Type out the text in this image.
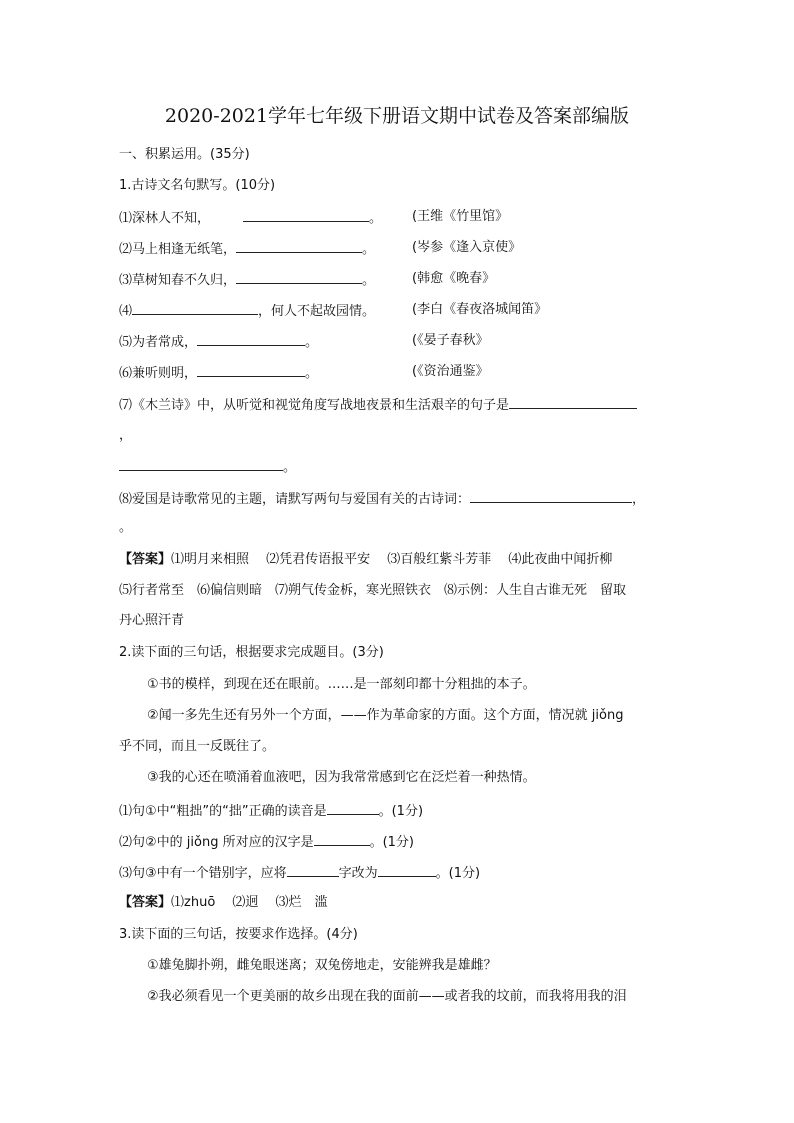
2020-2021学年七年级下册语文期中试卷及答案部编版
一、积累运用。(35分)
1.古诗文名句默写。(10分)
⑴深林人不知，	。 (王维《竹里馆》
⑵马上相逢无纸笔，	。	(岑参《逢入京使》
⑶草树知春不久归，	。	(韩愈《晚春》
⑷	，何人不起故园情。	(李白《春夜洛城闻笛》
⑸为者常成，	。	(《晏子春秋》
⑹兼听则明，	。	(《资治通鉴》
⑺《木兰诗》中，从听觉和视觉角度写战地夜景和生活艰辛的句子是
，
。
⑻爱国是诗歌常见的主题，请默写两句与爱国有关的古诗词：	，
。
【答案】⑴明月来相照　 ⑵凭君传语报平安　 ⑶百般红紫斗芳菲　 ⑷此夜曲中闻折柳
⑸行者常至　⑹偏信则暗　⑺朔气传金柝，寒光照铁衣　⑻示例：人生自古谁无死　留取
丹心照汗青
2.读下面的三句话，根据要求完成题目。(3分)
①书的模样，到现在还在眼前。……是一部刻印都十分粗拙的本子。
②闻一多先生还有另外一个方面，——作为革命家的方面。这个方面，情况就 jiǒng
乎不同，而且一反既往了。
③我的心还在喷涌着血液吧，因为我常常感到它在泛烂着一种热情。
⑴句①中“粗拙”的“拙”正确的读音是	。(1分)
⑵句②中的 jiǒng 所对应的汉字是	。(1分)
⑶句③中有一个错别字，应将	字改为	。(1分)
【答案】⑴zhuō　 ⑵迥　 ⑶烂　滥
3.读下面的三句话，按要求作选择。(4分)
①雄兔脚扑朔，雌兔眼迷离；双兔傍地走，安能辨我是雄雌？
②我必须看见一个更美丽的故乡出现在我的面前——或者我的坟前，而我将用我的泪
